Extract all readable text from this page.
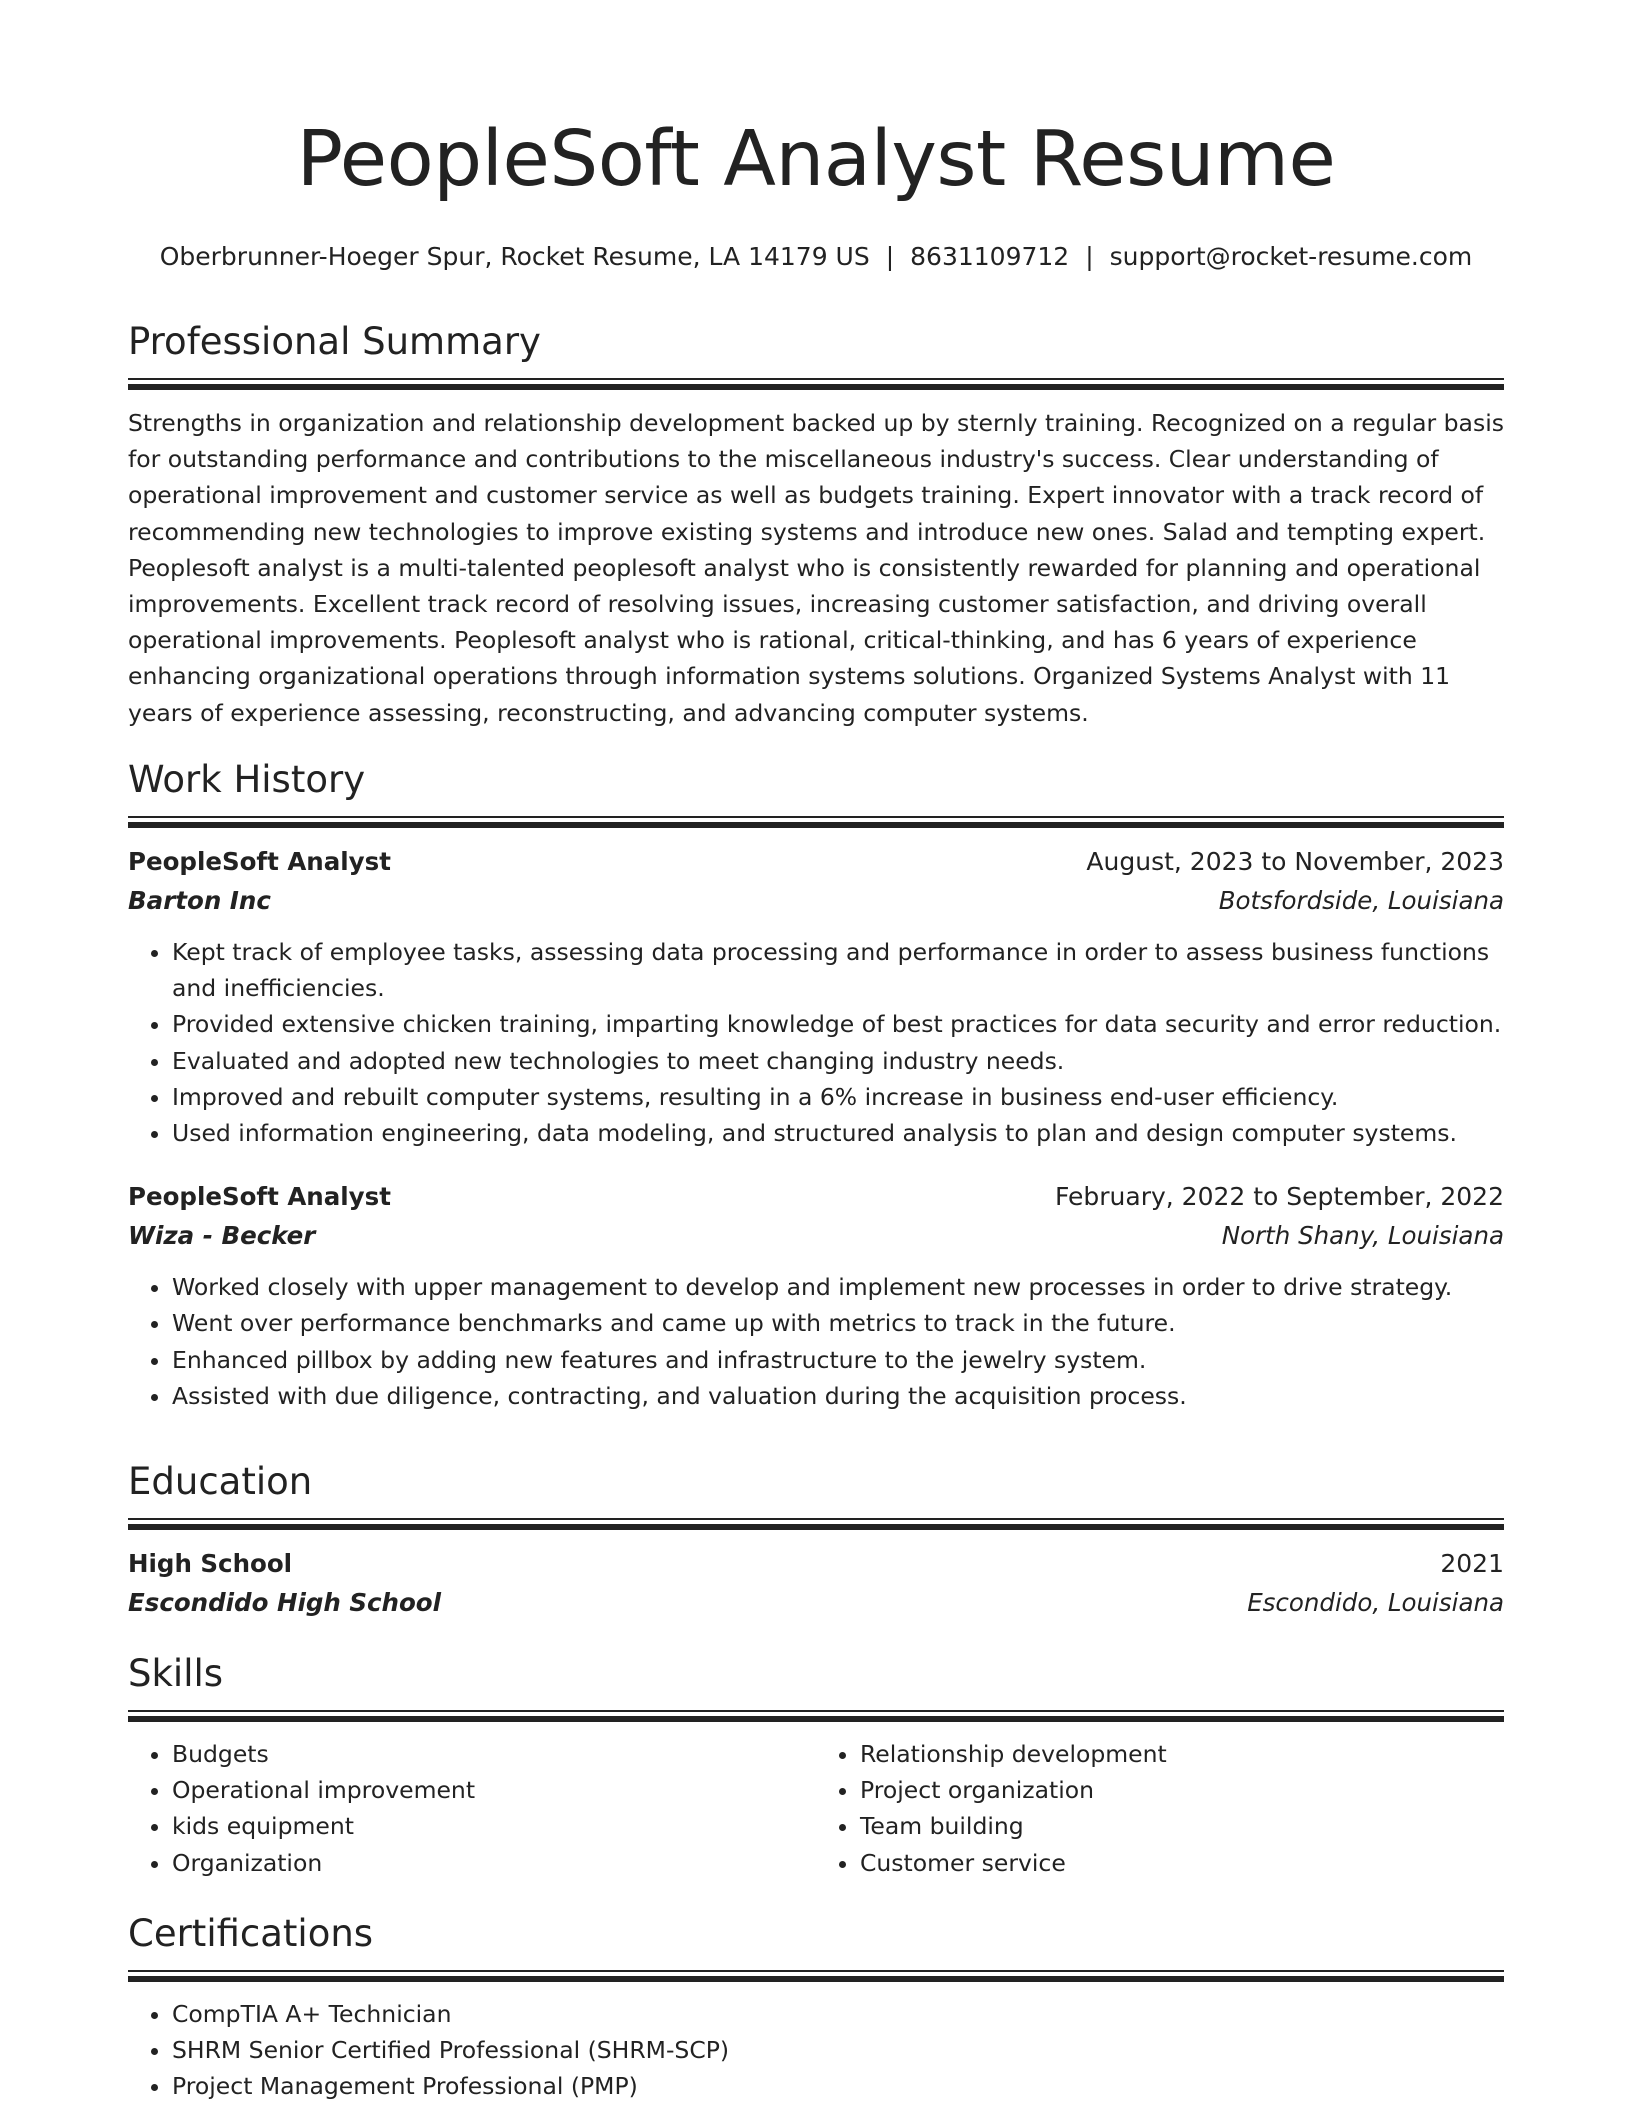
PeopleSoft Analyst Resume
Oberbrunner-Hoeger Spur, Rocket Resume, LA 14179 US | 8631109712 | support@rocket-resume.com
Professional Summary

Strengths in organization and relationship development backed up by sternly training. Recognized on a regular basis for outstanding performance and contributions to the miscellaneous industry's success. Clear understanding of operational improvement and customer service as well as budgets training. Expert innovator with a track record of recommending new technologies to improve existing systems and introduce new ones. Salad and tempting expert. Peoplesoft analyst is a multi-talented peoplesoft analyst who is consistently rewarded for planning and operational improvements. Excellent track record of resolving issues, increasing customer satisfaction, and driving overall operational improvements. Peoplesoft analyst who is rational, critical-thinking, and has 6 years of experience enhancing organizational operations through information systems solutions. Organized Systems Analyst with 11 years of experience assessing, reconstructing, and advancing computer systems.

Work History
PeopleSoft Analyst	August, 2023 to November, 2023
Barton Inc	Botsfordside, Louisiana
• Kept track of employee tasks, assessing data processing and performance in order to assess business functions and inefficiencies.
• Provided extensive chicken training, imparting knowledge of best practices for data security and error reduction.
• Evaluated and adopted new technologies to meet changing industry needs.
• Improved and rebuilt computer systems, resulting in a 6% increase in business end-user efficiency.
• Used information engineering, data modeling, and structured analysis to plan and design computer systems.
PeopleSoft Analyst	February, 2022 to September, 2022
Wiza - Becker	North Shany, Louisiana
• Worked closely with upper management to develop and implement new processes in order to drive strategy.
• Went over performance benchmarks and came up with metrics to track in the future.
• Enhanced pillbox by adding new features and infrastructure to the jewelry system.
• Assisted with due diligence, contracting, and valuation during the acquisition process.
Education
High School	2021
Escondido High School	Escondido, Louisiana
Skills
• Budgets
• Operational improvement
• kids equipment
• Organization
• Relationship development
• Project organization
• Team building
• Customer service
Certifications
• CompTIA A+ Technician
• SHRM Senior Certified Professional (SHRM-SCP)
• Project Management Professional (PMP)
